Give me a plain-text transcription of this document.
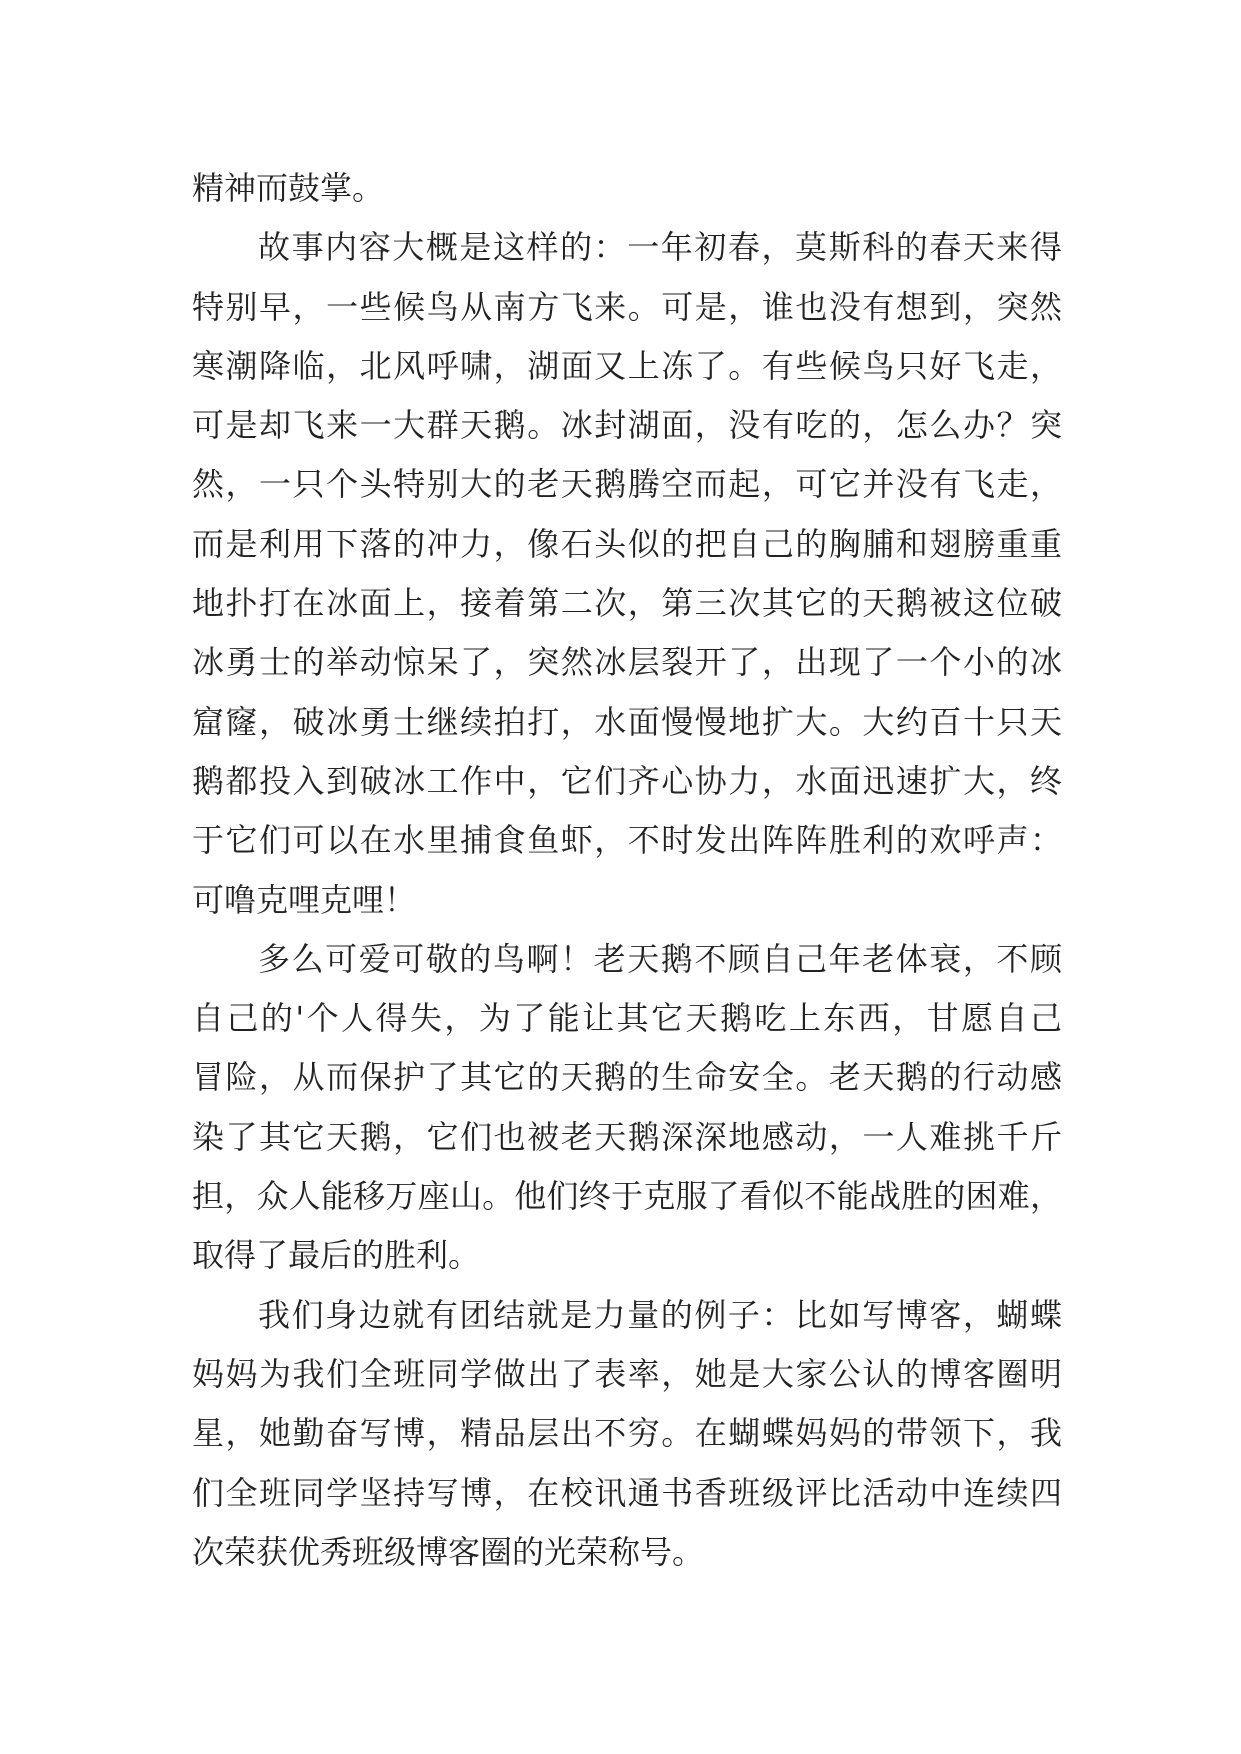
精神而鼓掌。
故事内容大概是这样的：一年初春，莫斯科的春天来得
特别早，一些候鸟从南方飞来。可是，谁也没有想到，突然
寒潮降临，北风呼啸，湖面又上冻了。有些候鸟只好飞走，
可是却飞来一大群天鹅。冰封湖面，没有吃的，怎么办？突
然，一只个头特别大的老天鹅腾空而起，可它并没有飞走，
而是利用下落的冲力，像石头似的把自己的胸脯和翅膀重重
地扑打在冰面上，接着第二次，第三次其它的天鹅被这位破
冰勇士的举动惊呆了，突然冰层裂开了，出现了一个小的冰
窟窿，破冰勇士继续拍打，水面慢慢地扩大。大约百十只天
鹅都投入到破冰工作中，它们齐心协力，水面迅速扩大，终
于它们可以在水里捕食鱼虾，不时发出阵阵胜利的欢呼声：
可噜克哩克哩！
多么可爱可敬的鸟啊！老天鹅不顾自己年老体衰，不顾
自己的'个人得失，为了能让其它天鹅吃上东西，甘愿自己
冒险，从而保护了其它的天鹅的生命安全。老天鹅的行动感
染了其它天鹅，它们也被老天鹅深深地感动，一人难挑千斤
担，众人能移万座山。他们终于克服了看似不能战胜的困难，
取得了最后的胜利。
我们身边就有团结就是力量的例子：比如写博客，蝴蝶
妈妈为我们全班同学做出了表率，她是大家公认的博客圈明
星，她勤奋写博，精品层出不穷。在蝴蝶妈妈的带领下，我
们全班同学坚持写博，在校讯通书香班级评比活动中连续四
次荣获优秀班级博客圈的光荣称号。
